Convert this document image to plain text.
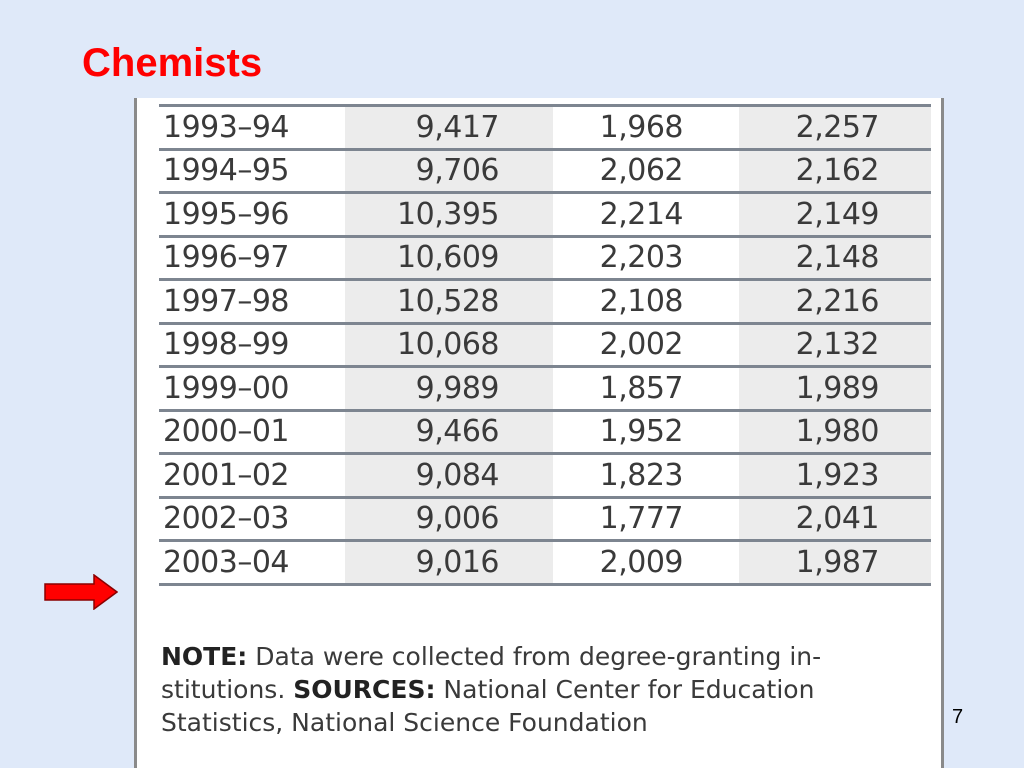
Chemists
1993–94	9,417	1,968	2,257
1994–95	9,706	2,062	2,162
1995–96	10,395	2,214	2,149
1996–97	10,609	2,203	2,148
1997–98	10,528	2,108	2,216
1998–99	10,068	2,002	2,132
1999–00	9,989	1,857	1,989
2000–01	9,466	1,952	1,980
2001–02	9,084	1,823	1,923
2002–03	9,006	1,777	2,041
2003–04	9,016	2,009	1,987

NOTE: Data were collected from degree-granting in-stitutions. SOURCES: National Center for Education Statistics, National Science Foundation	7
